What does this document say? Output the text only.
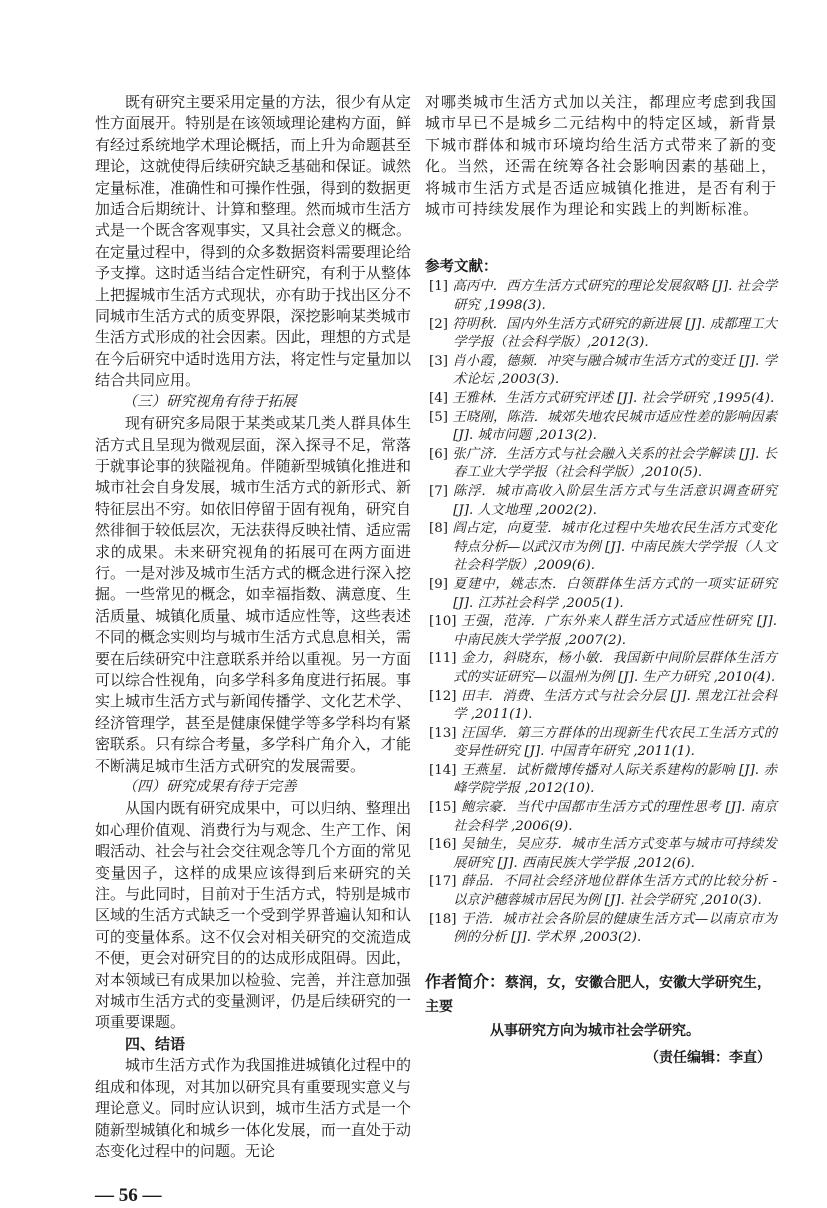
既有研究主要采用定量的方法，很少有从定性方面展开。特别是在该领域理论建构方面，鲜有经过系统地学术理论概括，而上升为命题甚至理论，这就使得后续研究缺乏基础和保证。诚然定量标准，准确性和可操作性强，得到的数据更加适合后期统计、计算和整理。然而城市生活方式是一个既含客观事实，又具社会意义的概念。在定量过程中，得到的众多数据资料需要理论给予支撑。这时适当结合定性研究，有利于从整体上把握城市生活方式现状，亦有助于找出区分不同城市生活方式的质变界限，深挖影响某类城市生活方式形成的社会因素。因此，理想的方式是在今后研究中适时选用方法，将定性与定量加以结合共同应用。

（三）研究视角有待于拓展

现有研究多局限于某类或某几类人群具体生活方式且呈现为微观层面，深入探寻不足，常落于就事论事的狭隘视角。伴随新型城镇化推进和城市社会自身发展，城市生活方式的新形式、新特征层出不穷。如依旧停留于固有视角，研究自然徘徊于较低层次，无法获得反映社情、适应需求的成果。未来研究视角的拓展可在两方面进行。一是对涉及城市生活方式的概念进行深入挖掘。一些常见的概念，如幸福指数、满意度、生活质量、城镇化质量、城市适应性等，这些表述不同的概念实则均与城市生活方式息息相关，需要在后续研究中注意联系并给以重视。另一方面可以综合性视角，向多学科多角度进行拓展。事实上城市生活方式与新闻传播学、文化艺术学、经济管理学，甚至是健康保健学等多学科均有紧密联系。只有综合考量，多学科广角介入，才能不断满足城市生活方式研究的发展需要。

（四）研究成果有待于完善

从国内既有研究成果中，可以归纳、整理出如心理价值观、消费行为与观念、生产工作、闲暇活动、社会与社会交往观念等几个方面的常见变量因子，这样的成果应该得到后来研究的关注。与此同时，目前对于生活方式，特别是城市区域的生活方式缺乏一个受到学界普遍认知和认可的变量体系。这不仅会对相关研究的交流造成不便，更会对研究目的的达成形成阻碍。因此，对本领域已有成果加以检验、完善，并注意加强对城市生活方式的变量测评，仍是后续研究的一项重要课题。

四、结语

城市生活方式作为我国推进城镇化过程中的组成和体现，对其加以研究具有重要现实意义与理论意义。同时应认识到，城市生活方式是一个随新型城镇化和城乡一体化发展，而一直处于动态变化过程中的问题。无论

— 56 —

对哪类城市生活方式加以关注，都理应考虑到我国城市早已不是城乡二元结构中的特定区域，新背景下城市群体和城市环境均给生活方式带来了新的变化。当然，还需在统筹各社会影响因素的基础上，将城市生活方式是否适应城镇化推进，是否有利于城市可持续发展作为理论和实践上的判断标准。

参考文献：
[1] 高丙中．西方生活方式研究的理论发展叙略 [J]. 社会学研究 ,1998(3).
[2] 符明秋．国内外生活方式研究的新进展 [J]. 成都理工大学学报（社会科学版）,2012(3).
[3] 肖小霞，德频．冲突与融合城市生活方式的变迁 [J]. 学术论坛 ,2003(3).
[4] 王雅林．生活方式研究评述 [J]. 社会学研究 ,1995(4).
[5] 王晓刚，陈浩．城郊失地农民城市适应性差的影响因素 [J]. 城市问题 ,2013(2).
[6] 张广济．生活方式与社会融入关系的社会学解读 [J]. 长春工业大学学报（社会科学版）,2010(5).
[7] 陈浮．城市高收入阶层生活方式与生活意识调查研究 [J]. 人文地理 ,2002(2).
[8] 阎占定，向夏莹．城市化过程中失地农民生活方式变化特点分析—以武汉市为例 [J]. 中南民族大学学报（人文社会科学版）,2009(6).
[9] 夏建中，姚志杰．白领群体生活方式的一项实证研究 [J]. 江苏社会科学 ,2005(1).
[10] 王强，范涛．广东外来人群生活方式适应性研究 [J]. 中南民族大学学报 ,2007(2).
[11] 金力，斜晓东，杨小敏．我国新中间阶层群体生活方式的实证研究—以温州为例 [J]. 生产力研究 ,2010(4).
[12] 田丰．消费、生活方式与社会分层 [J]. 黑龙江社会科学 ,2011(1).
[13] 汪国华．第三方群体的出现新生代农民工生活方式的变异性研究 [J]. 中国青年研究 ,2011(1).
[14] 王燕星．试析微博传播对人际关系建构的影响 [J]. 赤峰学院学报 ,2012(10).
[15] 鲍宗豪．当代中国都市生活方式的理性思考 [J]. 南京社会科学 ,2006(9).
[16] 吴铀生，吴应芬．城市生活方式变革与城市可持续发展研究 [J]. 西南民族大学学报 ,2012(6).
[17] 薛品．不同社会经济地位群体生活方式的比较分析 - 以京沪穗蓉城市居民为例 [J]. 社会学研究 ,2010(3).
[18] 于浩．城市社会各阶层的健康生活方式—以南京市为例的分析 [J]. 学术界 ,2003(2).
作者简介：蔡润，女，安徽合肥人，安徽大学研究生，主要
从事研究方向为城市社会学研究。
（责任编辑：李直）
